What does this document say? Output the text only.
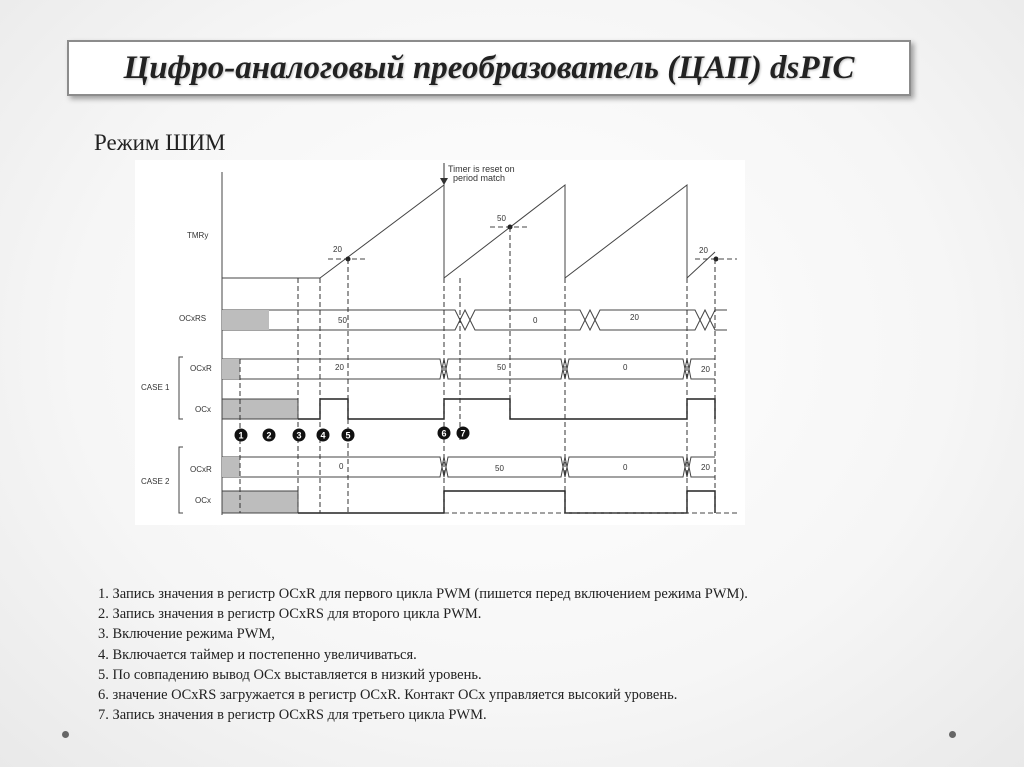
Цифро-аналоговый преобразователь (ЦАП) dsPIC
Режим ШИМ
Timer is reset on
period match
20
50
20
TMRy
OCxRS
OCxR
CASE 1
OCx
OCxR
CASE 2
OCx
50	0	20
20	50	0	20
0	50	0	20
1	2	3 4 5	6 7
1. Запись значения в регистр OCxR для первого цикла PWM (пишется перед включением режима PWM).
2. Запись значения в регистр OCxRS для второго цикла PWM.
3. Включение режима PWM,
4. Включается таймер и постепенно увеличиваться.
5. По совпадению вывод OCx выставляется в низкий уровень.
6. значение OCxRS загружается в регистр OCxR. Контакт OCx управляется высокий уровень.
7. Запись значения в регистр OCxRS для третьего цикла PWM.
